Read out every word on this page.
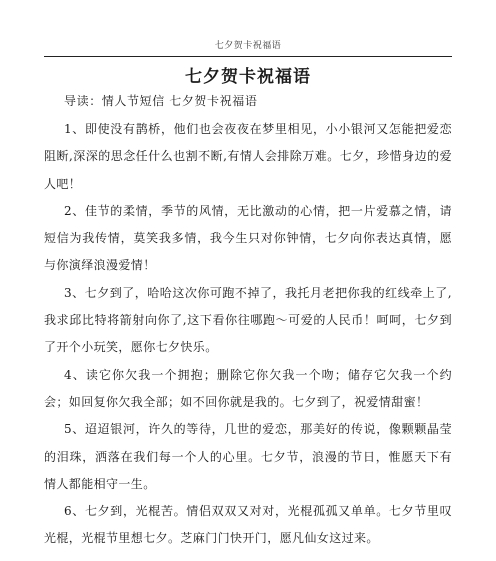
七夕贺卡祝福语
七夕贺卡祝福语
导读：情人节短信 七夕贺卡祝福语

1、即使没有鹊桥，他们也会夜夜在梦里相见，小小银河又怎能把爱恋阻断,深深的思念任什么也割不断,有情人会排除万难。七夕，珍惜身边的爱人吧！

2、佳节的柔情，季节的风情，无比激动的心情，把一片爱慕之情，请短信为我传情，莫笑我多情，我今生只对你钟情，七夕向你表达真情，愿与你演绎浪漫爱情！

3、七夕到了，哈哈这次你可跑不掉了，我托月老把你我的红线牵上了,我求邱比特将箭射向你了,这下看你往哪跑～可爱的人民币！呵呵，七夕到了开个小玩笑，愿你七夕快乐。

4、读它你欠我一个拥抱；删除它你欠我一个吻；储存它欠我一个约会；如回复你欠我全部；如不回你就是我的。七夕到了，祝爱情甜蜜！

5、迢迢银河，许久的等待，几世的爱恋，那美好的传说，像颗颗晶莹的泪珠，洒落在我们每一个人的心里。七夕节，浪漫的节日，惟愿天下有情人都能相守一生。

6、七夕到，光棍苦。情侣双双又对对，光棍孤孤又单单。七夕节里叹光棍，光棍节里想七夕。芝麻门门快开门，愿凡仙女这过来。
